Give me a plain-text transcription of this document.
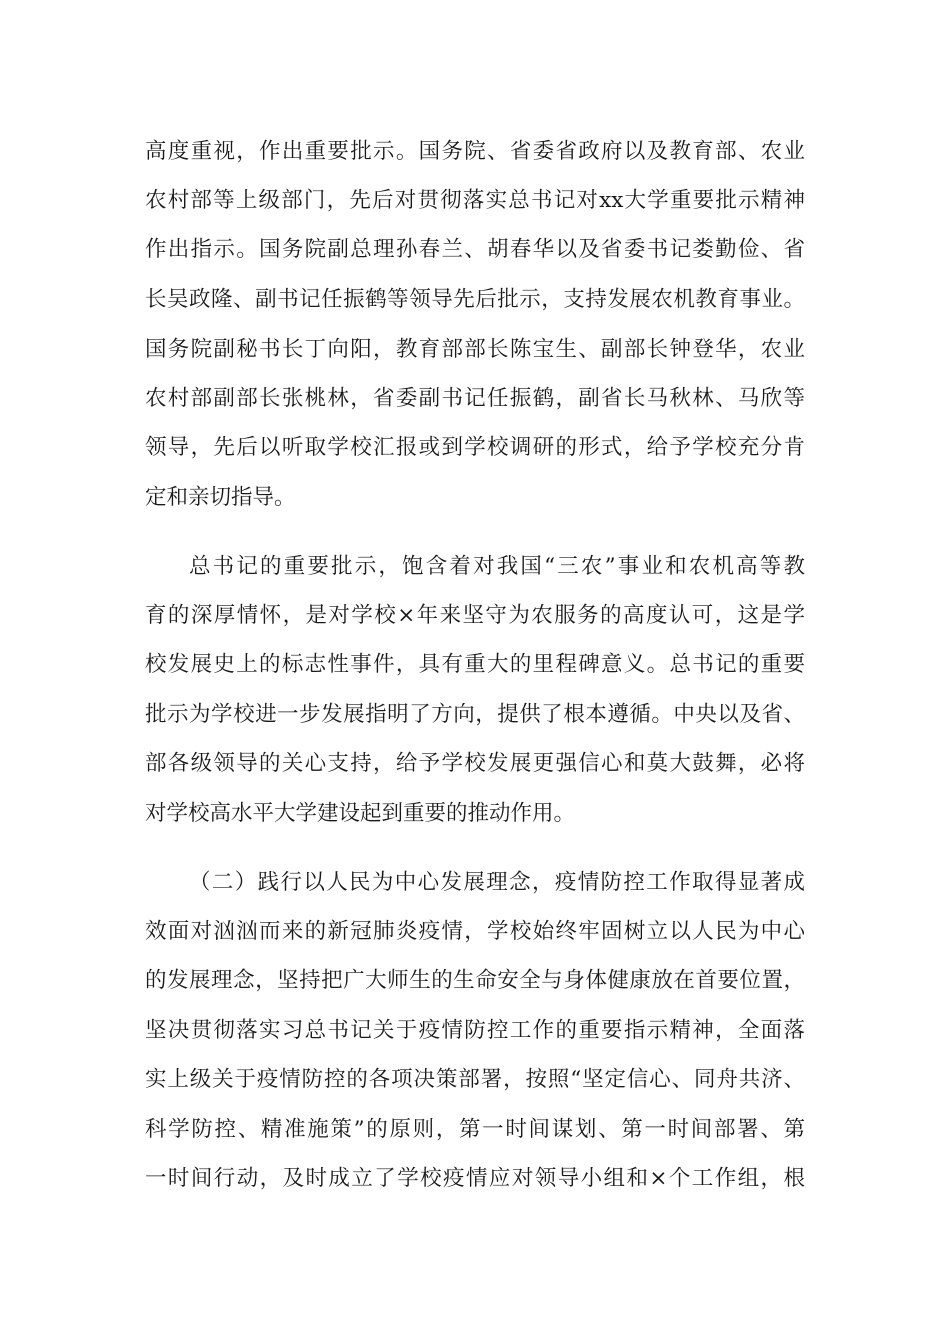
高度重视，作出重要批示。国务院、省委省政府以及教育部、农业
农村部等上级部门，先后对贯彻落实总书记对xx大学重要批示精神
作出指示。国务院副总理孙春兰、胡春华以及省委书记娄勤俭、省
长吴政隆、副书记任振鹤等领导先后批示，支持发展农机教育事业。
国务院副秘书长丁向阳，教育部部长陈宝生、副部长钟登华，农业
农村部副部长张桃林，省委副书记任振鹤，副省长马秋林、马欣等
领导，先后以听取学校汇报或到学校调研的形式，给予学校充分肯
定和亲切指导。
总书记的重要批示，饱含着对我国“三农”事业和农机高等教
育的深厚情怀，是对学校×年来坚守为农服务的高度认可，这是学
校发展史上的标志性事件，具有重大的里程碑意义。总书记的重要
批示为学校进一步发展指明了方向，提供了根本遵循。中央以及省、
部各级领导的关心支持，给予学校发展更强信心和莫大鼓舞，必将
对学校高水平大学建设起到重要的推动作用。
（二）践行以人民为中心发展理念，疫情防控工作取得显著成
效面对汹汹而来的新冠肺炎疫情，学校始终牢固树立以人民为中心
的发展理念，坚持把广大师生的生命安全与身体健康放在首要位置，
坚决贯彻落实习总书记关于疫情防控工作的重要指示精神，全面落
实上级关于疫情防控的各项决策部署，按照“坚定信心、同舟共济、
科学防控、精准施策”的原则，第一时间谋划、第一时间部署、第
一时间行动，及时成立了学校疫情应对领导小组和×个工作组，根
